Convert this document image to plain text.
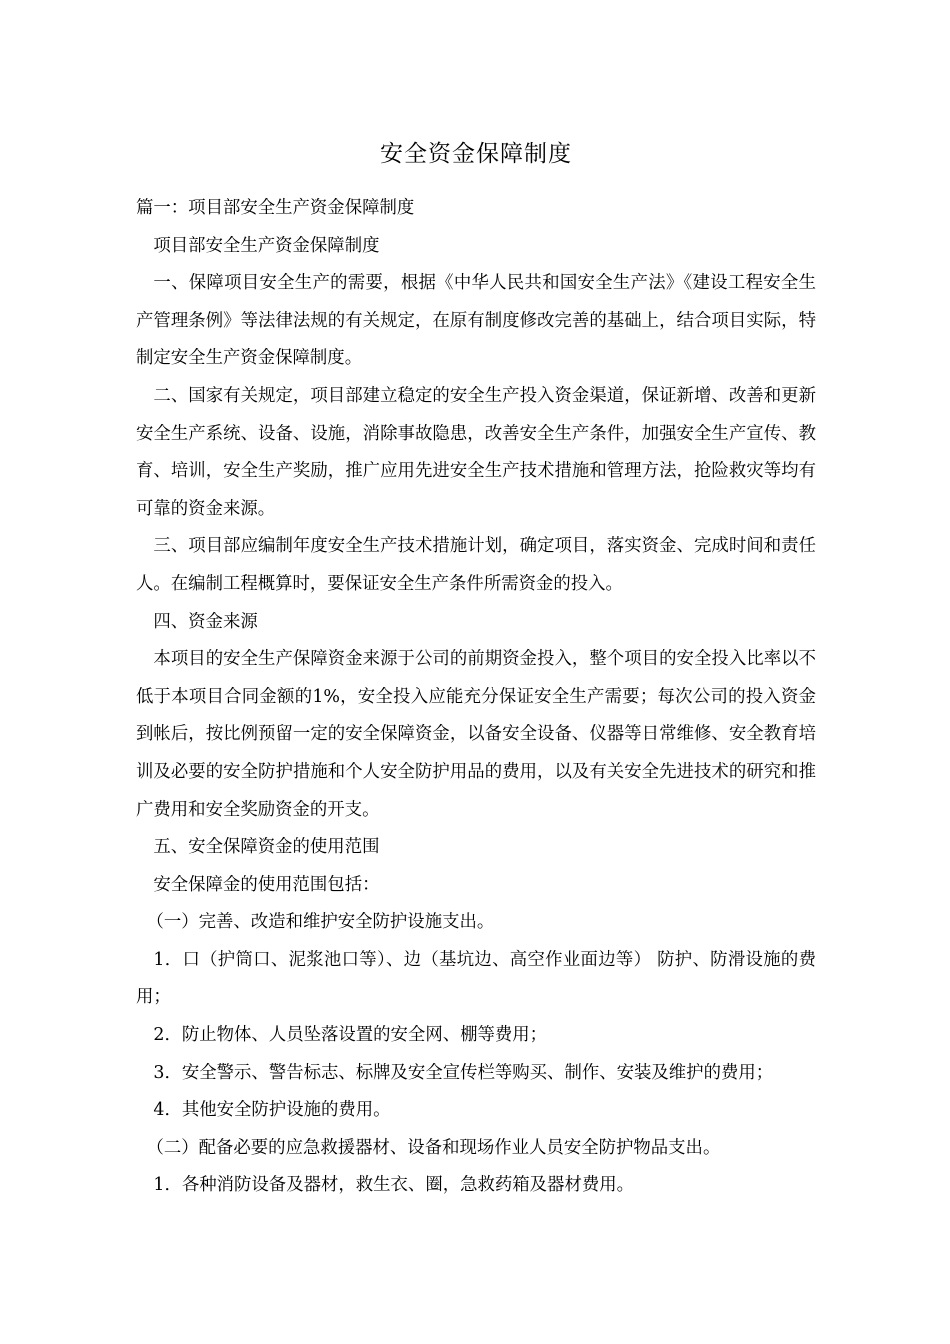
安全资金保障制度

篇一：项目部安全生产资金保障制度

项目部安全生产资金保障制度

一、保障项目安全生产的需要，根据《中华人民共和国安全生产法》《建设工程安全生产管理条例》等法律法规的有关规定，在原有制度修改完善的基础上，结合项目实际，特制定安全生产资金保障制度。

二、国家有关规定，项目部建立稳定的安全生产投入资金渠道，保证新增、改善和更新安全生产系统、设备、设施，消除事故隐患，改善安全生产条件，加强安全生产宣传、教育、培训，安全生产奖励，推广应用先进安全生产技术措施和管理方法，抢险救灾等均有可靠的资金来源。

三、项目部应编制年度安全生产技术措施计划，确定项目，落实资金、完成时间和责任人。在编制工程概算时，要保证安全生产条件所需资金的投入。

四、资金来源

本项目的安全生产保障资金来源于公司的前期资金投入，整个项目的安全投入比率以不低于本项目合同金额的1%，安全投入应能充分保证安全生产需要；每次公司的投入资金到帐后，按比例预留一定的安全保障资金，以备安全设备、仪器等日常维修、安全教育培训及必要的安全防护措施和个人安全防护用品的费用，以及有关安全先进技术的研究和推广费用和安全奖励资金的开支。

五、安全保障资金的使用范围

安全保障金的使用范围包括：

（一）完善、改造和维护安全防护设施支出。

1．口（护筒口、泥浆池口等）、边（基坑边、高空作业面边等） 防护、防滑设施的费用；

2．防止物体、人员坠落设置的安全网、棚等费用；

3．安全警示、警告标志、标牌及安全宣传栏等购买、制作、安装及维护的费用；

4．其他安全防护设施的费用。

（二）配备必要的应急救援器材、设备和现场作业人员安全防护物品支出。

1．各种消防设备及器材，救生衣、圈，急救药箱及器材费用。
